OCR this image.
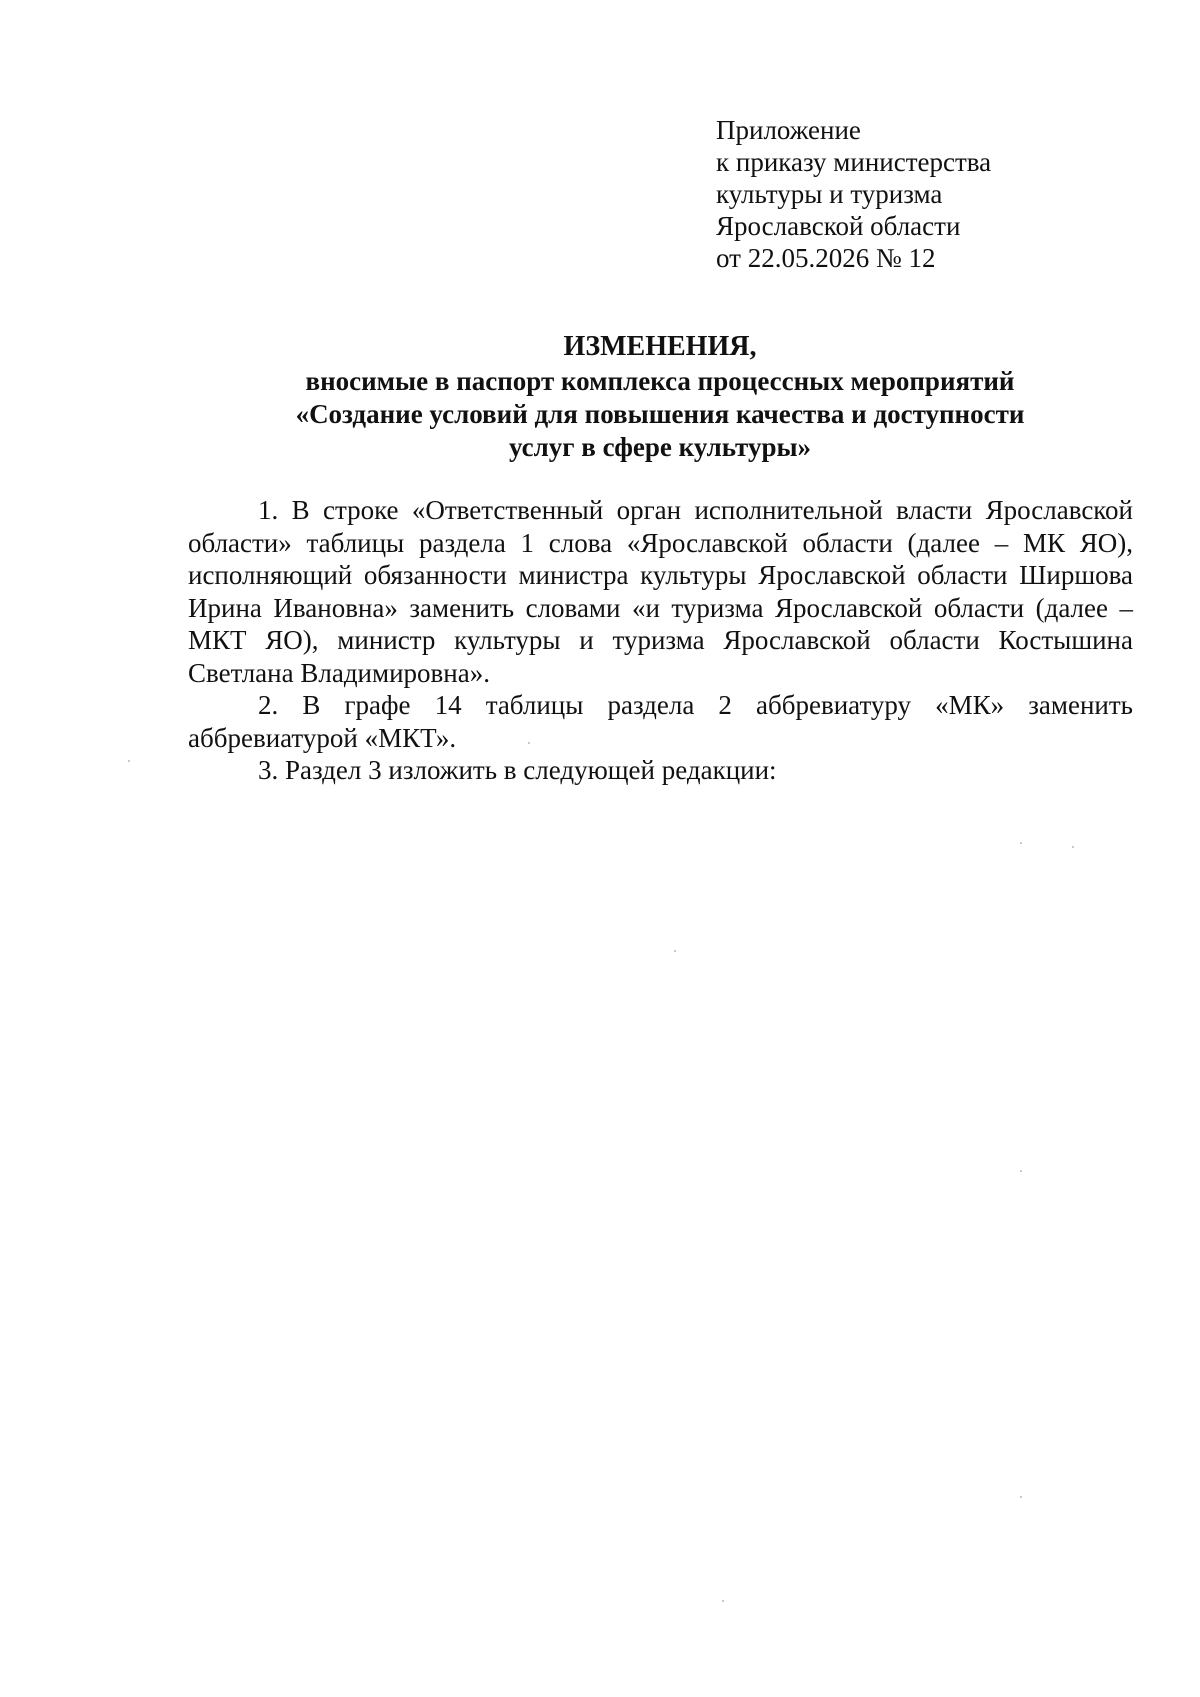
Приложение
к приказу министерства
культуры и туризма
Ярославской области
от 22.05.2026 № 12
ИЗМЕНЕНИЯ,
вносимые в паспорт комплекса процессных мероприятий
«Создание условий для повышения качества и доступности
услуг в сфере культуры»

1. В строке «Ответственный орган исполнительной власти Ярославской области» таблицы раздела 1 слова «Ярославской области (далее – МК ЯО), исполняющий обязанности министра культуры Ярославской области Ширшова Ирина Ивановна» заменить словами «и туризма Ярославской области (далее – МКТ ЯО), министр культуры и туризма Ярославской области Костышина Светлана Владимировна».

2. В графе 14 таблицы раздела 2 аббревиатуру «МК» заменить аббревиатурой «МКТ».

3. Раздел 3 изложить в следующей редакции:
